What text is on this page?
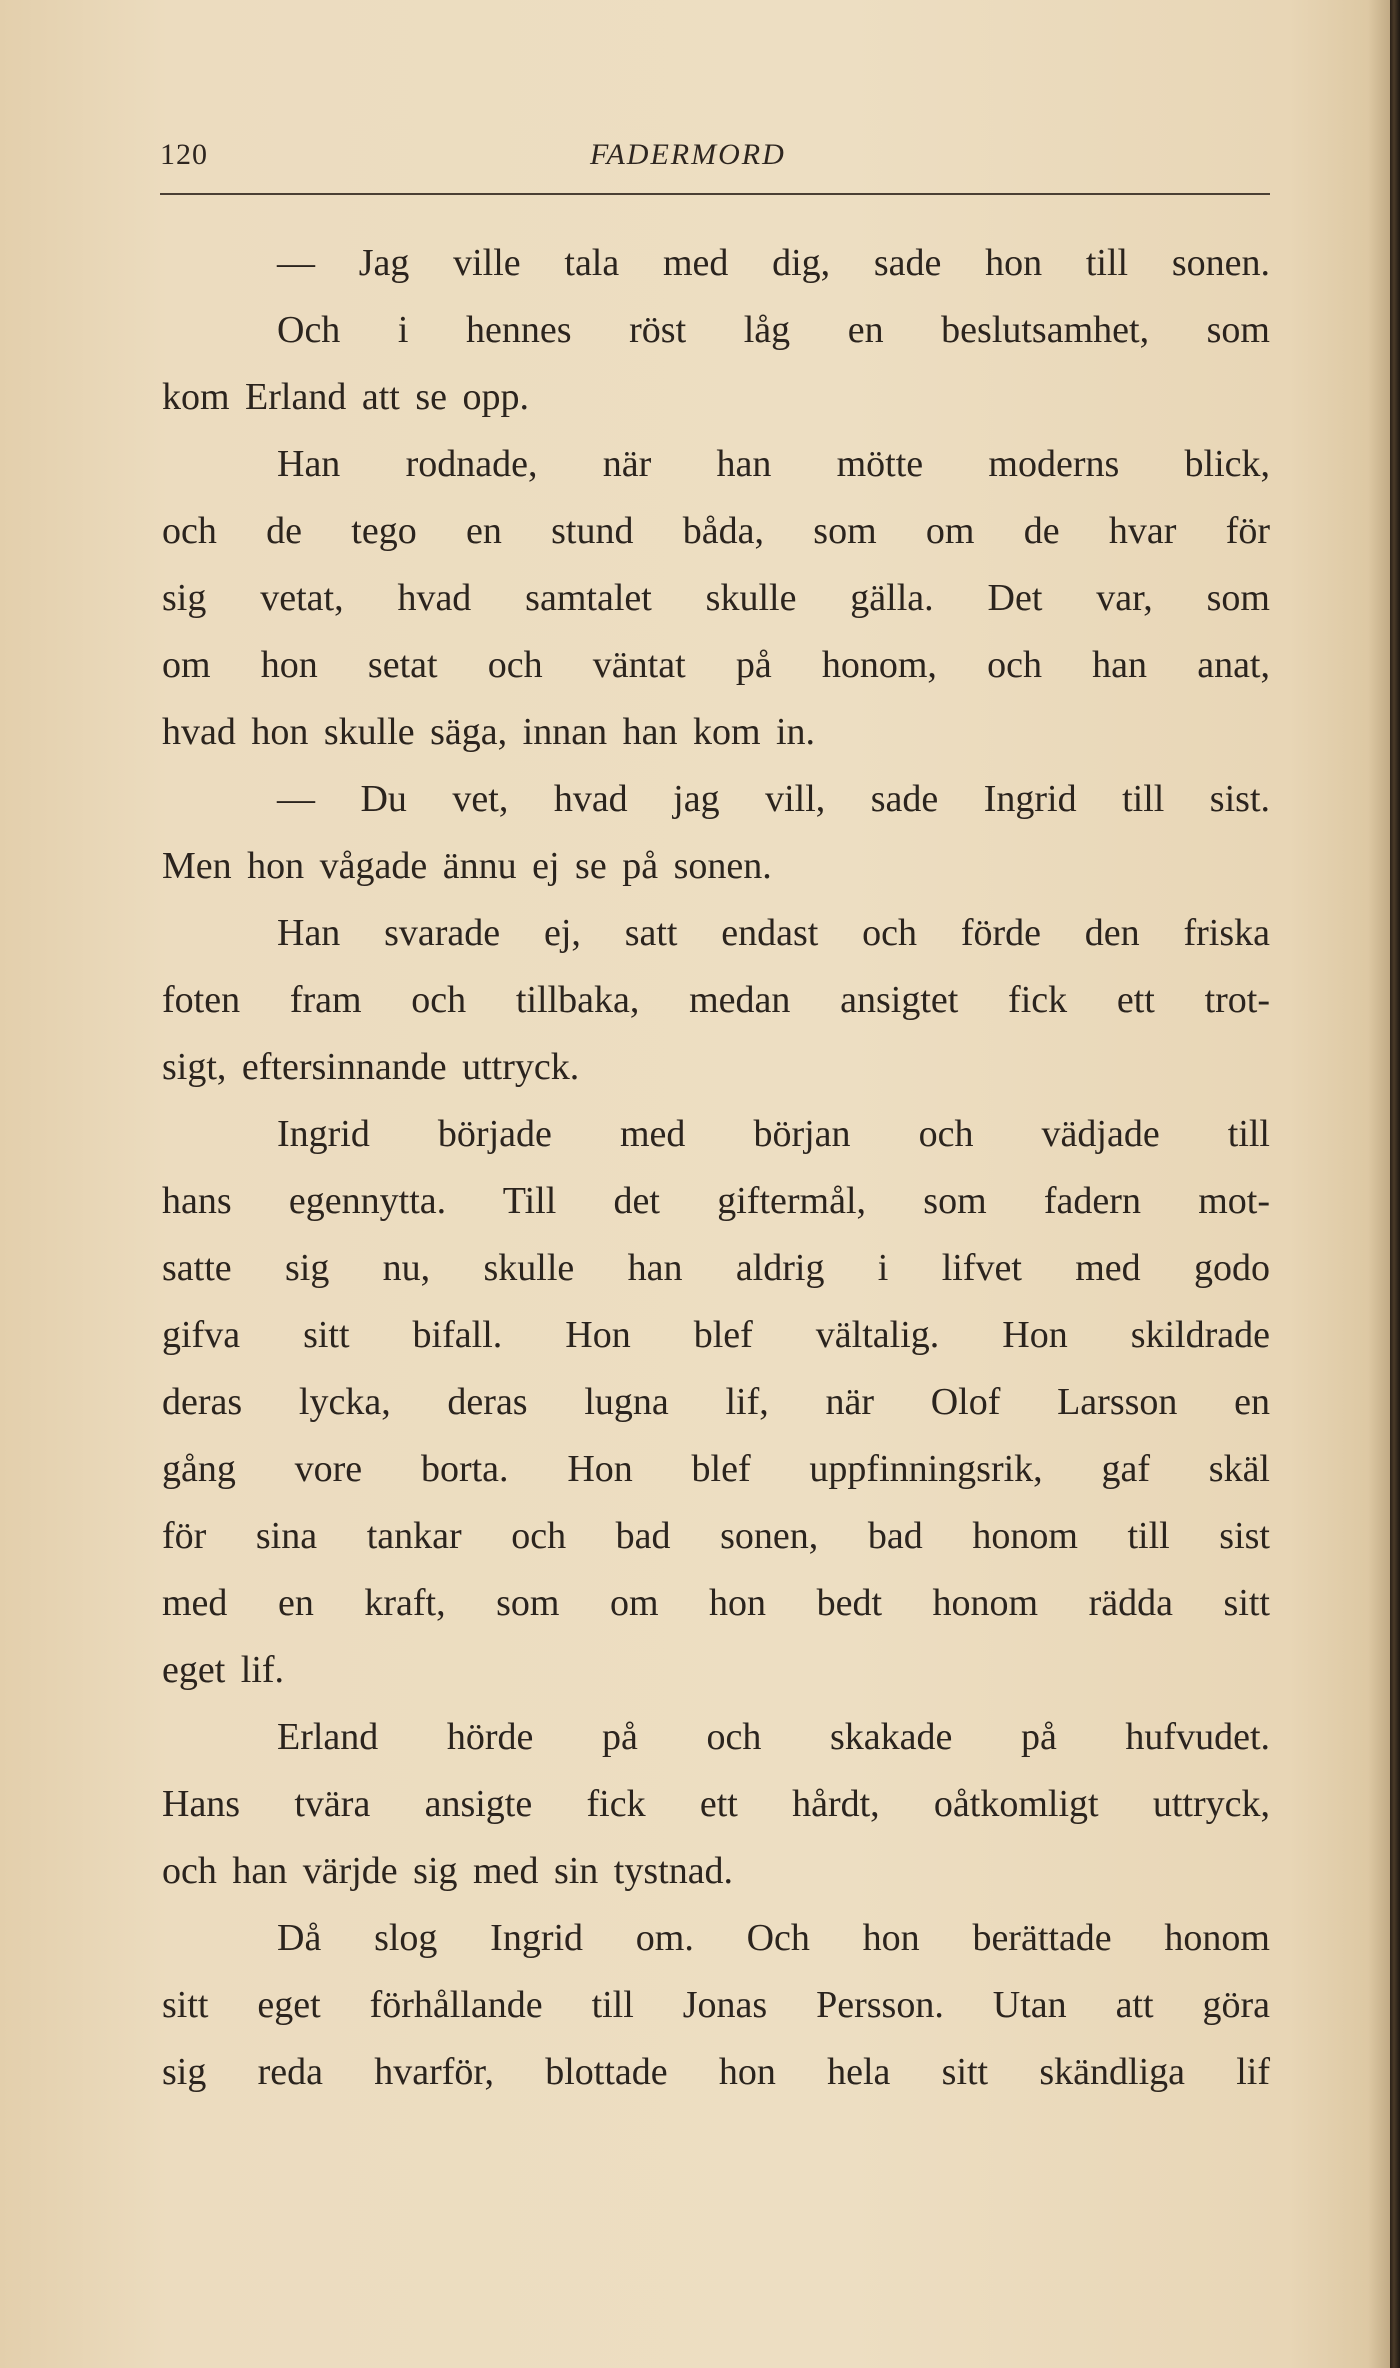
120	FADERMORD
— Jag ville tala med dig, sade hon till sonen.
Och i hennes röst låg en beslutsamhet, som
kom Erland att se opp.
Han rodnade, när han mötte moderns blick,
och de tego en stund båda, som om de hvar för
sig vetat, hvad samtalet skulle gälla. Det var, som
om hon setat och väntat på honom, och han anat,
hvad hon skulle säga, innan han kom in.
— Du vet, hvad jag vill, sade Ingrid till sist.
Men hon vågade ännu ej se på sonen.
Han svarade ej, satt endast och förde den friska
foten fram och tillbaka, medan ansigtet fick ett trot-
sigt, eftersinnande uttryck.
Ingrid började med början och vädjade till
hans egennytta. Till det giftermål, som fadern mot-
satte sig nu, skulle han aldrig i lifvet med godo
gifva sitt bifall. Hon blef vältalig. Hon skildrade
deras lycka, deras lugna lif, när Olof Larsson en
gång vore borta. Hon blef uppfinningsrik, gaf skäl
för sina tankar och bad sonen, bad honom till sist
med en kraft, som om hon bedt honom rädda sitt
eget lif.
Erland hörde på och skakade på hufvudet.
Hans tvära ansigte fick ett hårdt, oåtkomligt uttryck,
och han värjde sig med sin tystnad.
Då slog Ingrid om. Och hon berättade honom
sitt eget förhållande till Jonas Persson. Utan att göra
sig reda hvarför, blottade hon hela sitt skändliga lif
